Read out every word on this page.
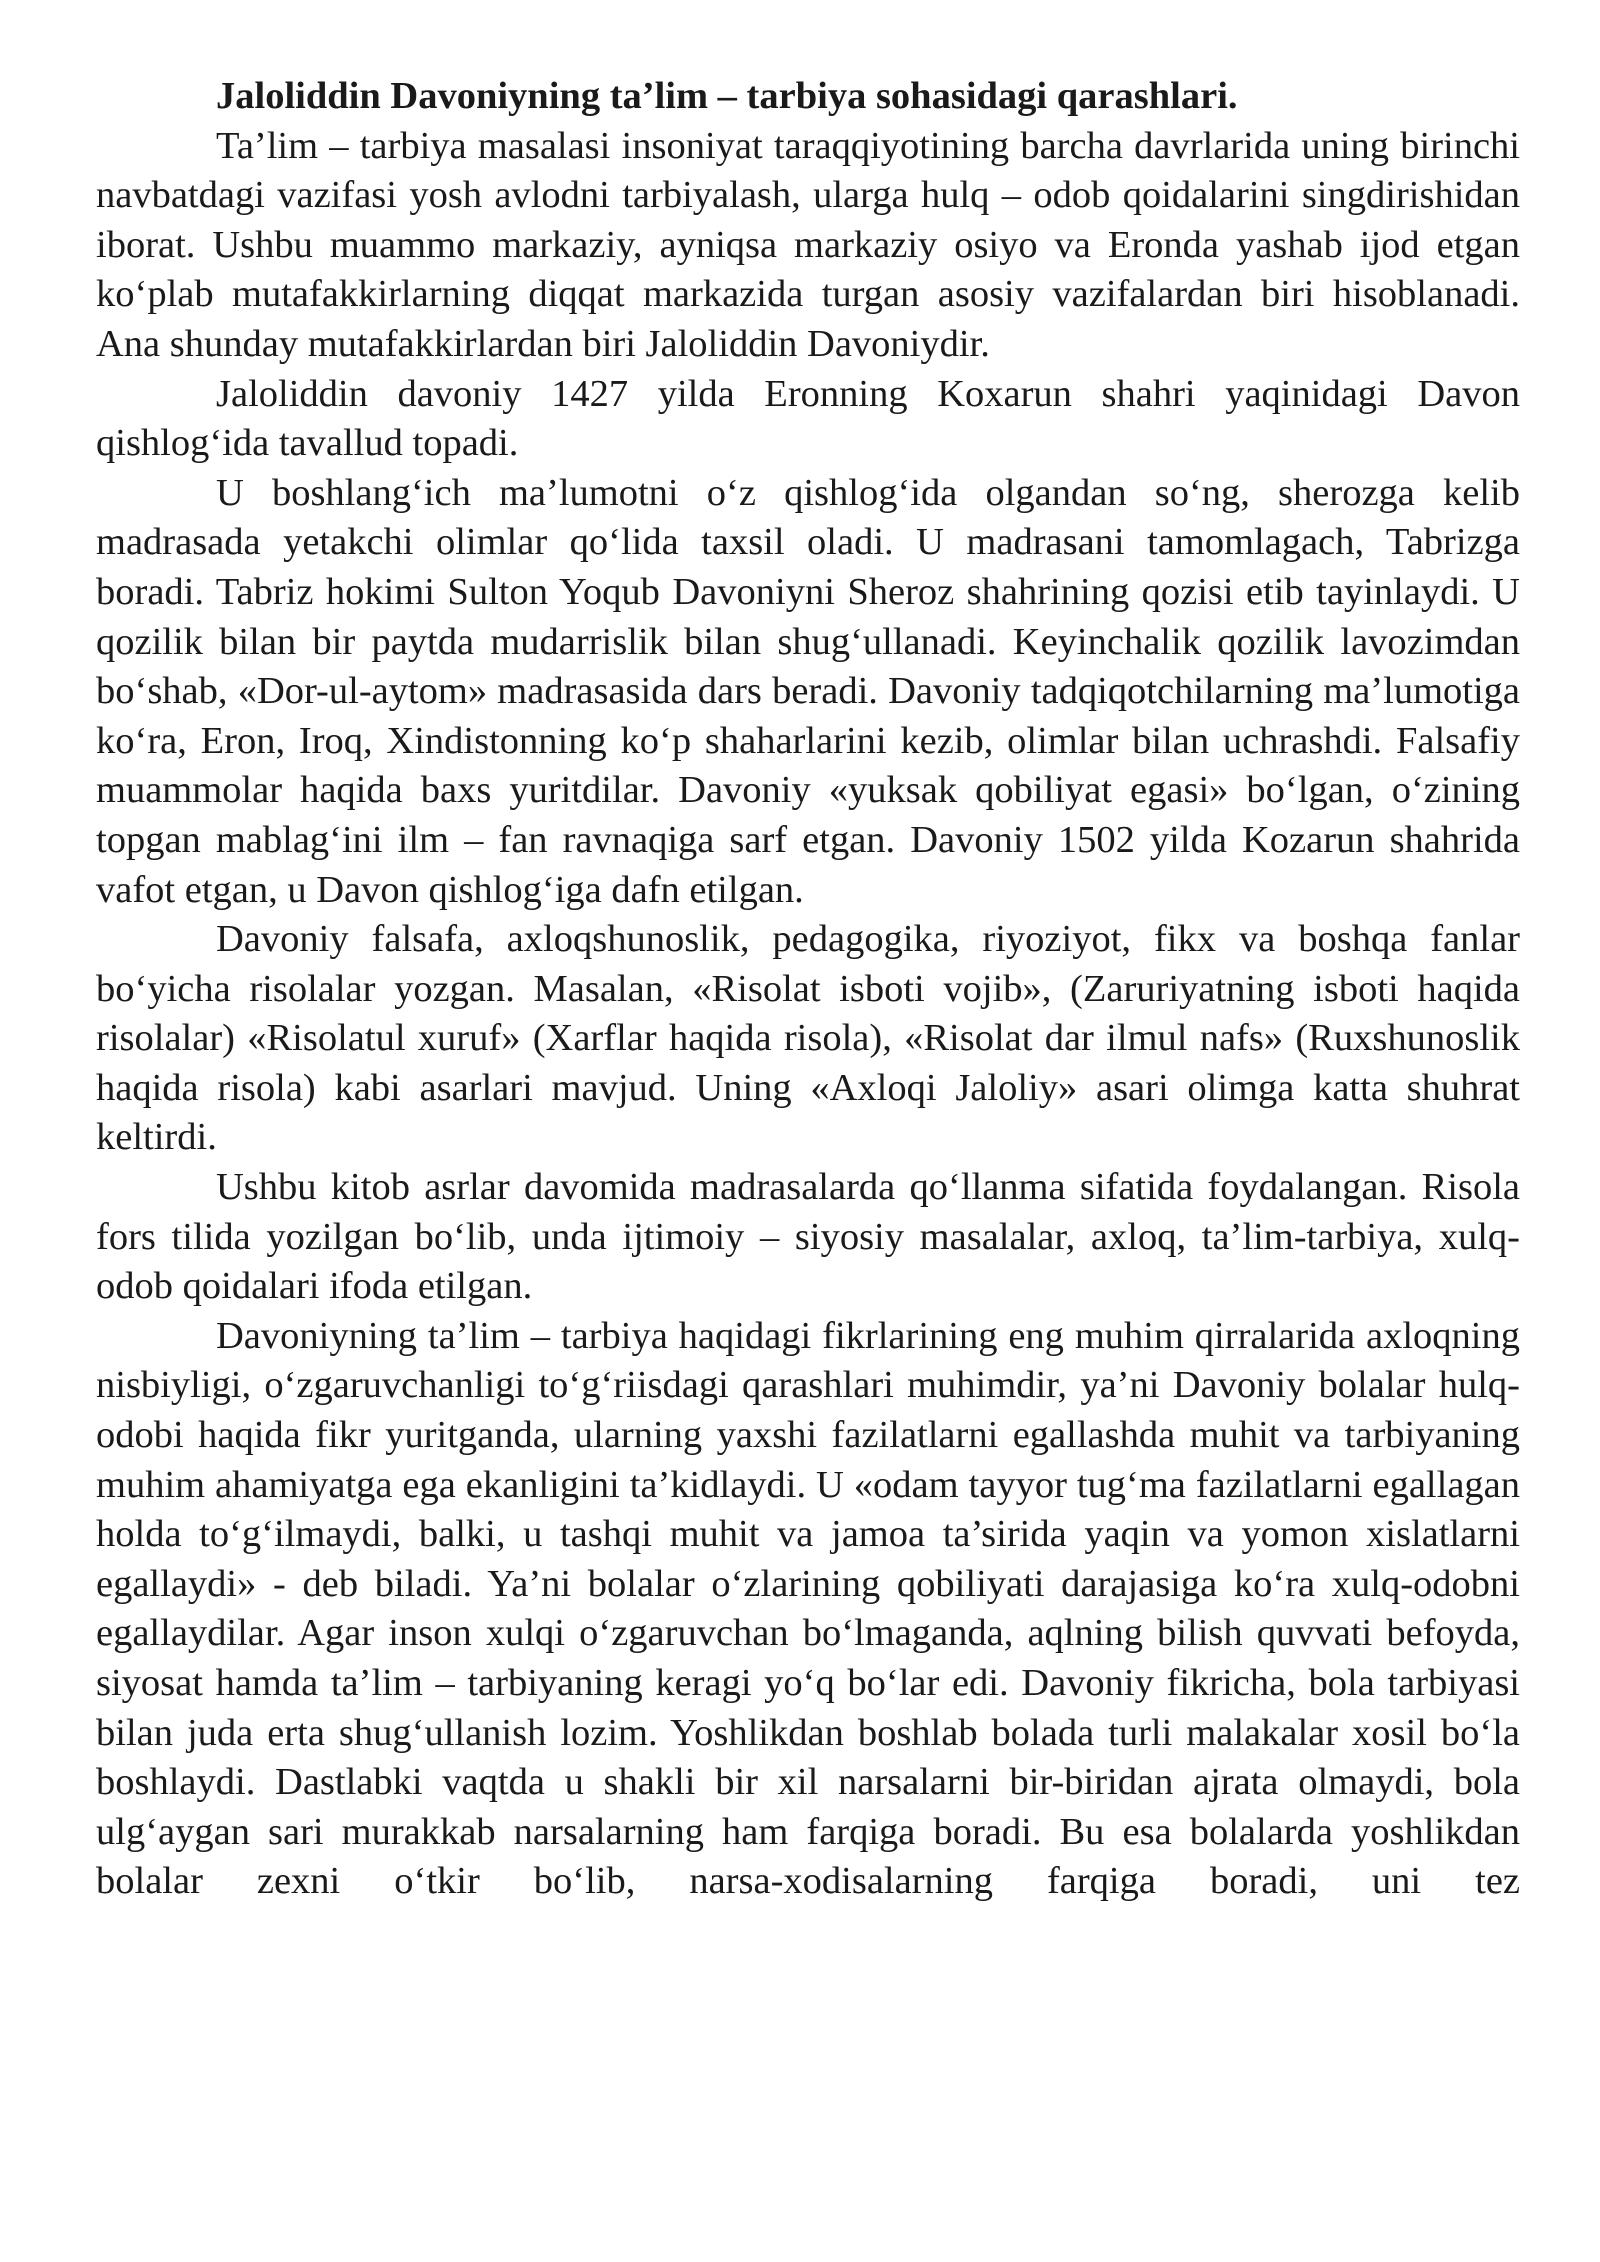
Jaloliddin Davoniyning ta’lim – tarbiya sohasidagi qarashlari.

Ta’lim – tarbiya masalasi insoniyat taraqqiyotining barcha davrlarida uning birinchi navbatdagi vazifasi yosh avlodni tarbiyalash, ularga hulq – odob qoidalarini singdirishidan iborat. Ushbu muammo markaziy, ayniqsa markaziy osiyo va Eronda yashab ijod etgan ko‘plab mutafakkirlarning diqqat markazida turgan asosiy vazifalardan biri hisoblanadi. Ana shunday mutafakkirlardan biri Jaloliddin Davoniydir.

Jaloliddin davoniy 1427 yilda Eronning Koxarun shahri yaqinidagi Davon qishlog‘ida tavallud topadi.

U boshlang‘ich ma’lumotni o‘z qishlog‘ida olgandan so‘ng, sherozga kelib madrasada yetakchi olimlar qo‘lida taxsil oladi. U madrasani tamomlagach, Tabrizga boradi. Tabriz hokimi Sulton Yoqub Davoniyni Sheroz shahrining qozisi etib tayinlaydi. U qozilik bilan bir paytda mudarrislik bilan shug‘ullanadi. Keyinchalik qozilik lavozimdan bo‘shab, «Dor-ul-aytom» madrasasida dars beradi. Davoniy tadqiqotchilarning ma’lumotiga ko‘ra, Eron, Iroq, Xindistonning ko‘p shaharlarini kezib, olimlar bilan uchrashdi. Falsafiy muammolar haqida baxs yuritdilar. Davoniy «yuksak qobiliyat egasi» bo‘lgan, o‘zining topgan mablag‘ini ilm – fan ravnaqiga sarf etgan. Davoniy 1502 yilda Kozarun shahrida vafot etgan, u Davon qishlog‘iga dafn etilgan.

Davoniy falsafa, axloqshunoslik, pedagogika, riyoziyot, fikx va boshqa fanlar bo‘yicha risolalar yozgan. Masalan, «Risolat isboti vojib», (Zaruriyatning isboti haqida risolalar) «Risolatul xuruf» (Xarflar haqida risola), «Risolat dar ilmul nafs» (Ruxshunoslik haqida risola) kabi asarlari mavjud. Uning «Axloqi Jaloliy» asari olimga katta shuhrat keltirdi.

Ushbu kitob asrlar davomida madrasalarda qo‘llanma sifatida foydalangan. Risola fors tilida yozilgan bo‘lib, unda ijtimoiy – siyosiy masalalar, axloq, ta’lim-tarbiya, xulq-odob qoidalari ifoda etilgan.

Davoniyning ta’lim – tarbiya haqidagi fikrlarining eng muhim qirralarida axloqning nisbiyligi, o‘zgaruvchanligi to‘g‘riisdagi qarashlari muhimdir, ya’ni Davoniy bolalar hulq-odobi haqida fikr yuritganda, ularning yaxshi fazilatlarni egallashda muhit va tarbiyaning muhim ahamiyatga ega ekanligini ta’kidlaydi. U «odam tayyor tug‘ma fazilatlarni egallagan holda to‘g‘ilmaydi, balki, u tashqi muhit va jamoa ta’sirida yaqin va yomon xislatlarni egallaydi» - deb biladi. Ya’ni bolalar o‘zlarining qobiliyati darajasiga ko‘ra xulq-odobni egallaydilar. Agar inson xulqi o‘zgaruvchan bo‘lmaganda, aqlning bilish quvvati befoyda, siyosat hamda ta’lim – tarbiyaning keragi yo‘q bo‘lar edi. Davoniy fikricha, bola tarbiyasi bilan juda erta shug‘ullanish lozim. Yoshlikdan boshlab bolada turli malakalar xosil bo‘la boshlaydi. Dastlabki vaqtda u shakli bir xil narsalarni bir-biridan ajrata olmaydi, bola ulg‘aygan sari murakkab narsalarning ham farqiga boradi. Bu esa bolalarda yoshlikdan bolalar zexni o‘tkir bo‘lib, narsa-xodisalarning farqiga boradi, uni tez
